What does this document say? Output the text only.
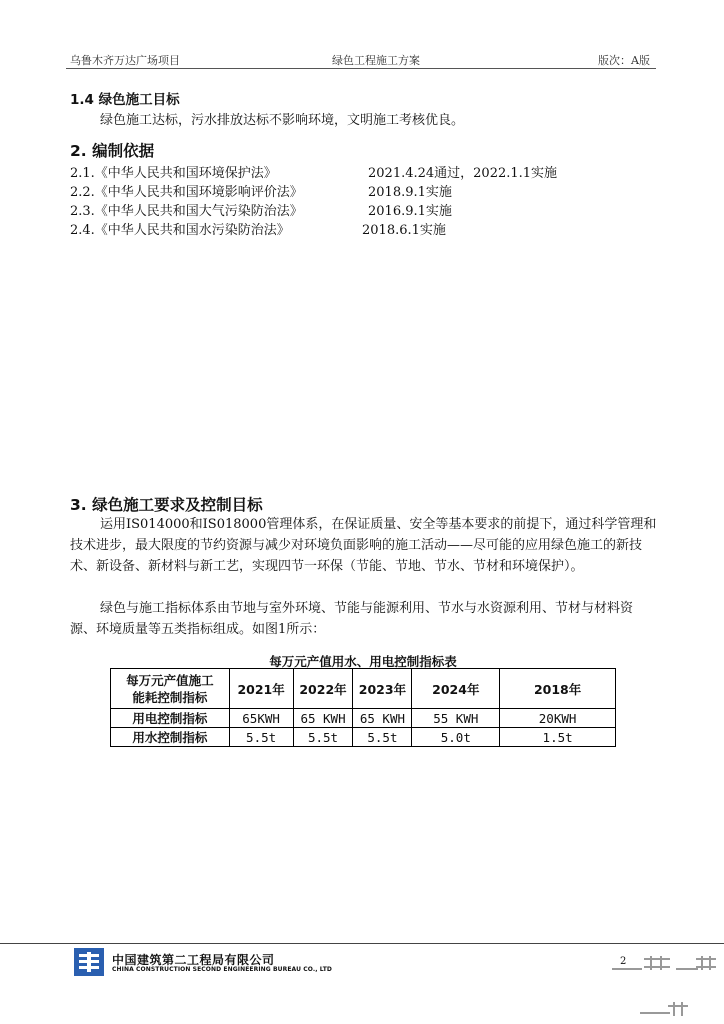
乌鲁木齐万达广场项目	绿色工程施工方案	版次：A版
1.4 绿色施工目标
绿色施工达标，污水排放达标不影响环境，文明施工考核优良。
2. 编制依据
2.1.《中华人民共和国环境保护法》	2021.4.24通过，2022.1.1实施
2.2.《中华人民共和国环境影响评价法》	2018.9.1实施
2.3.《中华人民共和国大气污染防治法》	2016.9.1实施
2.4.《中华人民共和国水污染防治法》	2018.6.1实施
3. 绿色施工要求及控制目标
运用IS014000和IS018000管理体系，在保证质量、安全等基本要求的前提下，通过科学管理和技术进步，最大限度的节约资源与减少对环境负面影响的施工活动——尽可能的应用绿色施工的新技术、新设备、新材料与新工艺，实现四节一环保（节能、节地、节水、节材和环境保护）。
绿色与施工指标体系由节地与室外环境、节能与能源利用、节水与水资源利用、节材与材料资源、环境质量等五类指标组成。如图1所示：
每万元产值用水、用电控制指标表
每万元产值施工
能耗控制指标	2021年	2022年	2023年	2024年	2018年
用电控制指标	65KWH	65 KWH	65 KWH	55 KWH	20KWH
用水控制指标	5.5t	5.5t	5.5t	5.0t	1.5t
中国建筑第二工程局有限公司
CHINA CONSTRUCTION SECOND ENGINEERING BUREAU CO., LTD
2
